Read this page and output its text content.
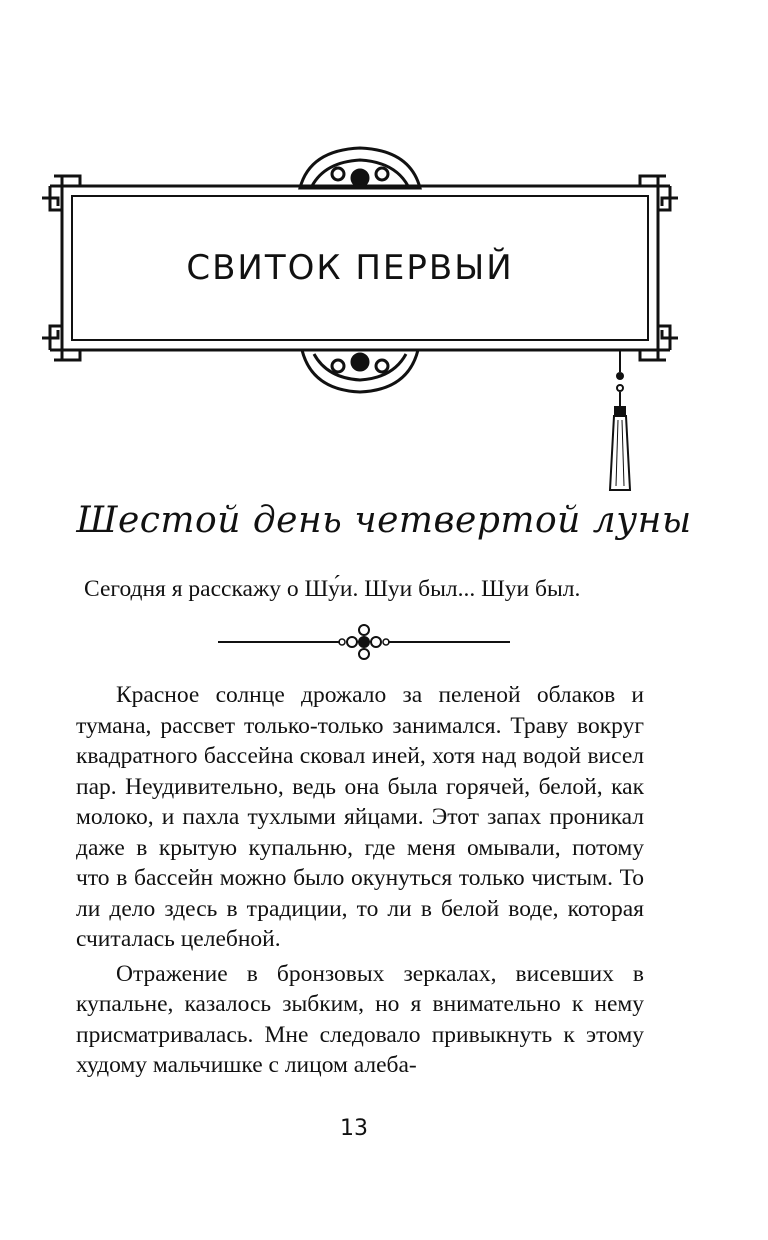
СВИТОК ПЕРВЫЙ
Шестой день четвертой луны
Сегодня я расскажу о Шу́и. Шуи был... Шуи был.

Красное солнце дрожало за пеленой облаков и тумана, рассвет только-только занимался. Траву вокруг квадратного бассейна сковал иней, хотя над водой висел пар. Неудивительно, ведь она была горячей, белой, как молоко, и пахла тухлыми яйцами. Этот запах проникал даже в крытую купальню, где меня омывали, потому что в бассейн можно было окунуться только чистым. То ли дело здесь в традиции, то ли в белой воде, которая считалась целебной.

Отражение в бронзовых зеркалах, висевших в купальне, казалось зыбким, но я внимательно к нему присматривалась. Мне следовало привыкнуть к этому худому мальчишке с лицом алеба-

13
